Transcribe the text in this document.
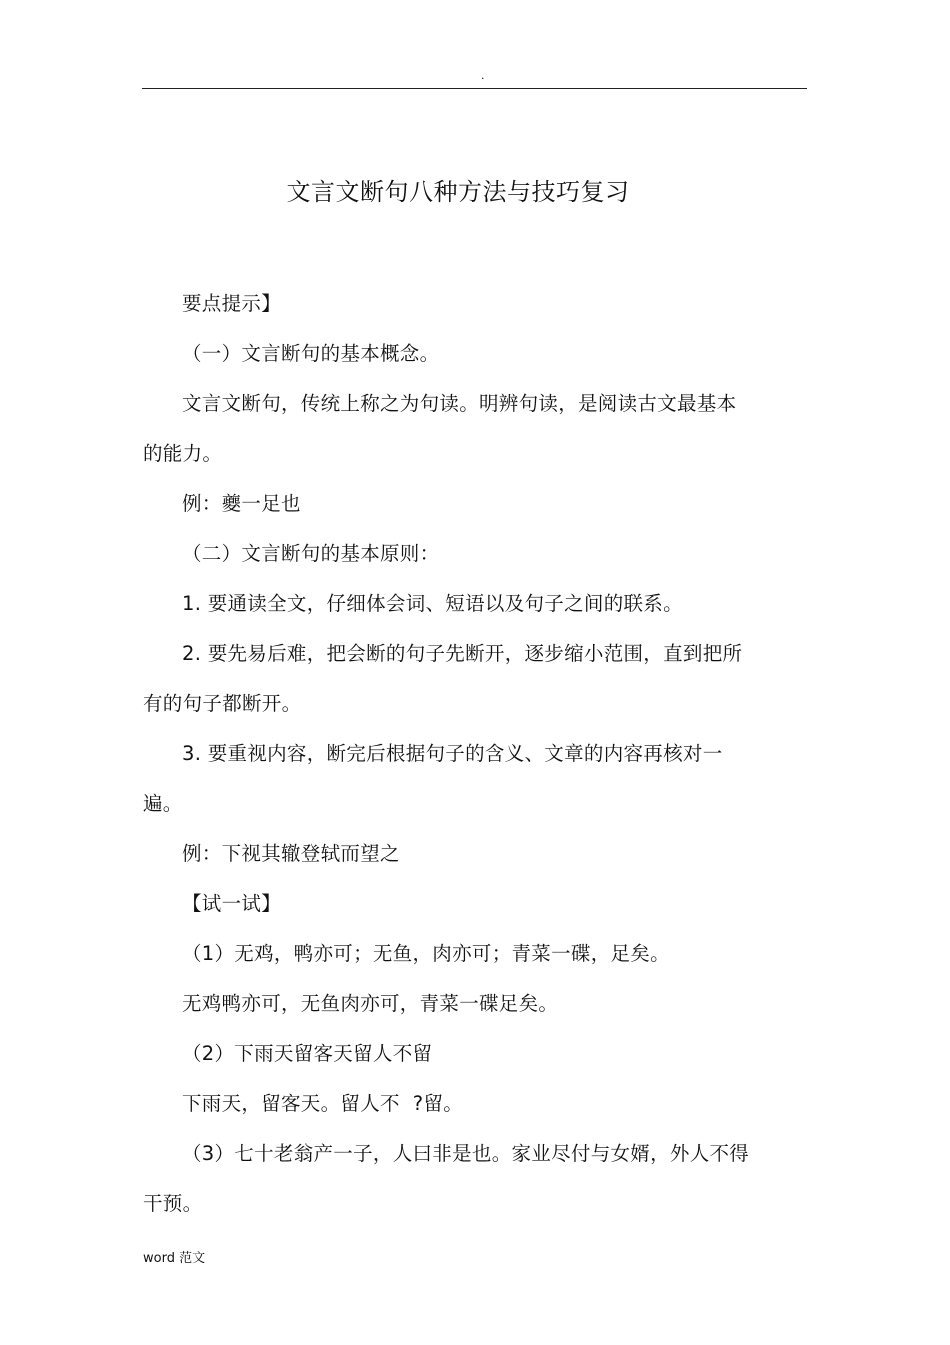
.
文言文断句八种方法与技巧复习

要点提示】

（一）文言断句的基本概念。

文言文断句，传统上称之为句读。明辨句读，是阅读古文最基本的能力。

例：夔一足也

（二）文言断句的基本原则：

1. 要通读全文，仔细体会词、短语以及句子之间的联系。

2. 要先易后难，把会断的句子先断开，逐步缩小范围，直到把所有的句子都断开。

3. 要重视内容，断完后根据句子的含义、文章的内容再核对一遍。

例：下视其辙登轼而望之

【试一试】

（1）无鸡，鸭亦可；无鱼，肉亦可；青菜一碟，足矣。

无鸡鸭亦可，无鱼肉亦可，青菜一碟足矣。

（2）下雨天留客天留人不留

下雨天，留客天。留人不  ?留。

（3）七十老翁产一子，人曰非是也。家业尽付与女婿，外人不得干预。

word 范文
